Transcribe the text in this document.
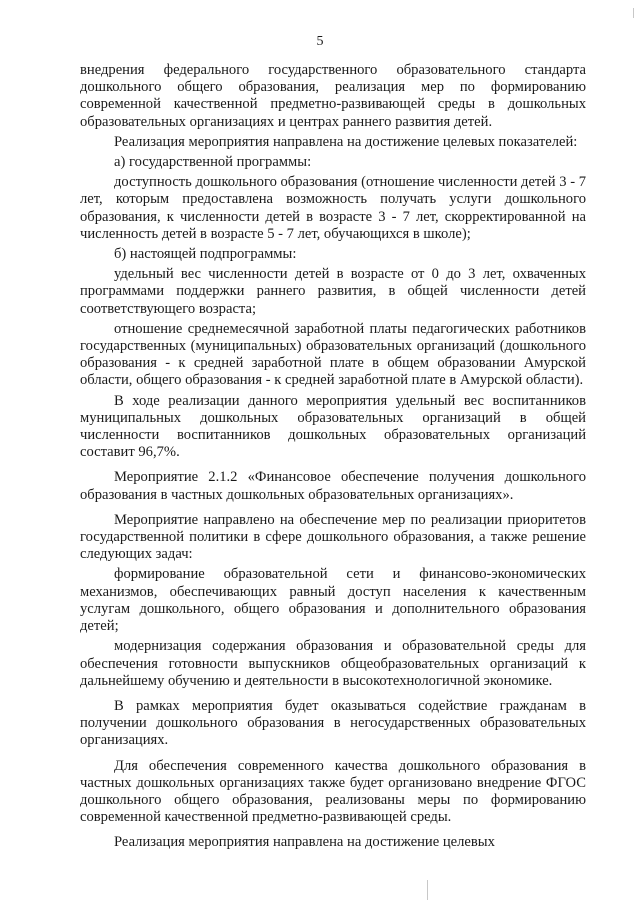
5

внедрения федерального государственного образовательного стандарта дошкольного общего образования, реализация мер по формированию современной качественной предметно-развивающей среды в дошкольных образовательных организациях и центрах раннего развития детей.

Реализация мероприятия направлена на достижение целевых показателей:

а) государственной программы:

доступность дошкольного образования (отношение численности детей 3 - 7 лет, которым предоставлена возможность получать услуги дошкольного образования, к численности детей в возрасте 3 - 7 лет, скорректированной на численность детей в возрасте 5 - 7 лет, обучающихся в школе);

б) настоящей подпрограммы:

удельный вес численности детей в возрасте от 0 до 3 лет, охваченных программами поддержки раннего развития, в общей численности детей соответствующего возраста;

отношение среднемесячной заработной платы педагогических работников государственных (муниципальных) образовательных организаций (дошкольного образования - к средней заработной плате в общем образовании Амурской области, общего образования - к средней заработной плате в Амурской области).

В ходе реализации данного мероприятия удельный вес воспитанников муниципальных дошкольных образовательных организаций в общей численности воспитанников дошкольных образовательных организаций составит 96,7%.

Мероприятие 2.1.2 «Финансовое обеспечение получения дошкольного образования в частных дошкольных образовательных организациях».

Мероприятие направлено на обеспечение мер по реализации приоритетов государственной политики в сфере дошкольного образования, а также решение следующих задач:

формирование образовательной сети и финансово-экономических механизмов, обеспечивающих равный доступ населения к качественным услугам дошкольного, общего образования и дополнительного образования детей;

модернизация содержания образования и образовательной среды для обеспечения готовности выпускников общеобразовательных организаций к дальнейшему обучению и деятельности в высокотехнологичной экономике.

В рамках мероприятия будет оказываться содействие гражданам в получении дошкольного образования в негосударственных образовательных организациях.

Для обеспечения современного качества дошкольного образования в частных дошкольных организациях также будет организовано внедрение ФГОС дошкольного общего образования, реализованы меры по формированию современной качественной предметно-развивающей среды.

Реализация мероприятия направлена на достижение целевых
